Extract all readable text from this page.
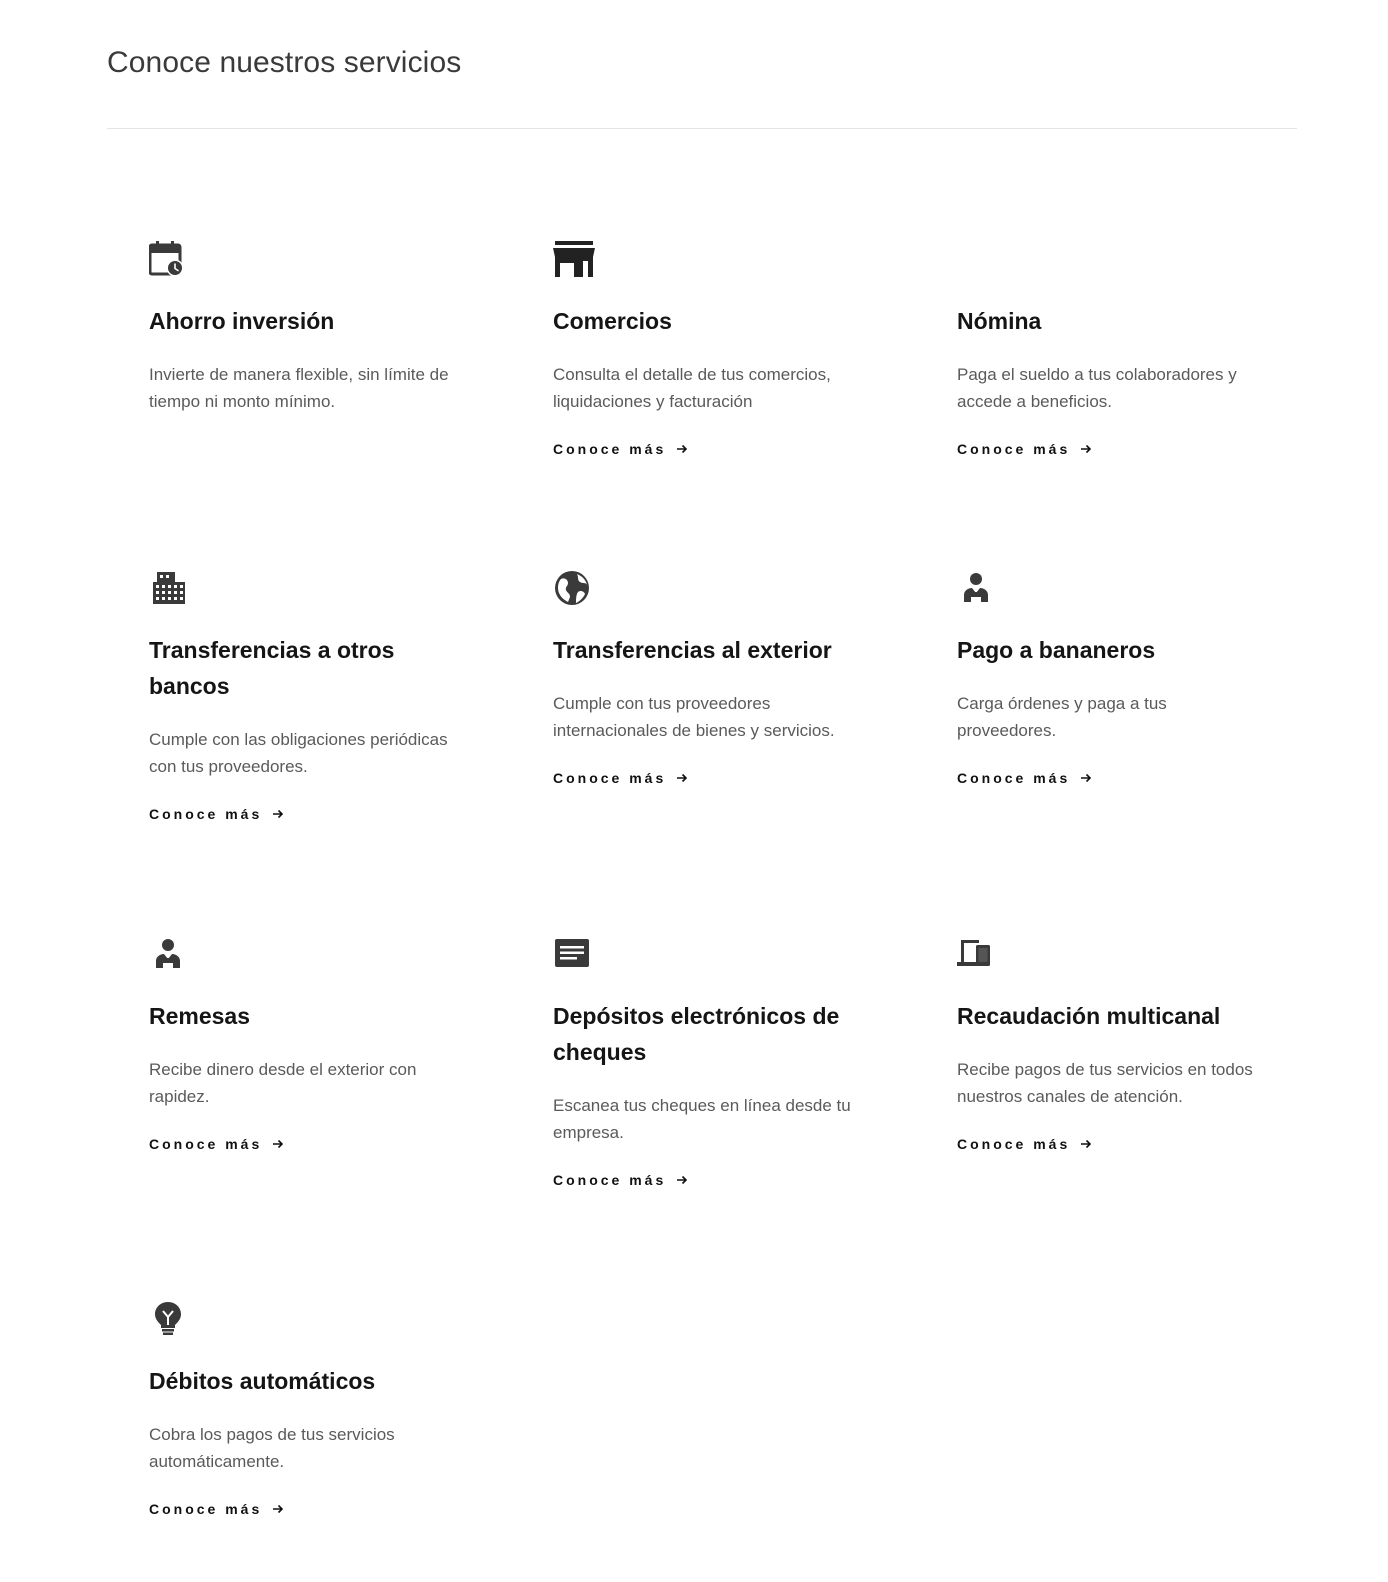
Conoce nuestros servicios
Ahorro inversión
Invierte de manera flexible, sin límite de tiempo ni monto mínimo.
Comercios
Consulta el detalle de tus comercios, liquidaciones y facturación
Conoce más
Nómina
Paga el sueldo a tus colaboradores y accede a beneficios.
Conoce más
Transferencias a otros bancos
Cumple con las obligaciones periódicas con tus proveedores.
Conoce más
Transferencias al exterior
Cumple con tus proveedores internacionales de bienes y servicios.
Conoce más
Pago a bananeros
Carga órdenes y paga a tus proveedores.
Conoce más
Remesas
Recibe dinero desde el exterior con rapidez.
Conoce más
Depósitos electrónicos de cheques
Escanea tus cheques en línea desde tu empresa.
Conoce más
Recaudación multicanal
Recibe pagos de tus servicios en todos nuestros canales de atención.
Conoce más
Débitos automáticos
Cobra los pagos de tus servicios automáticamente.
Conoce más
